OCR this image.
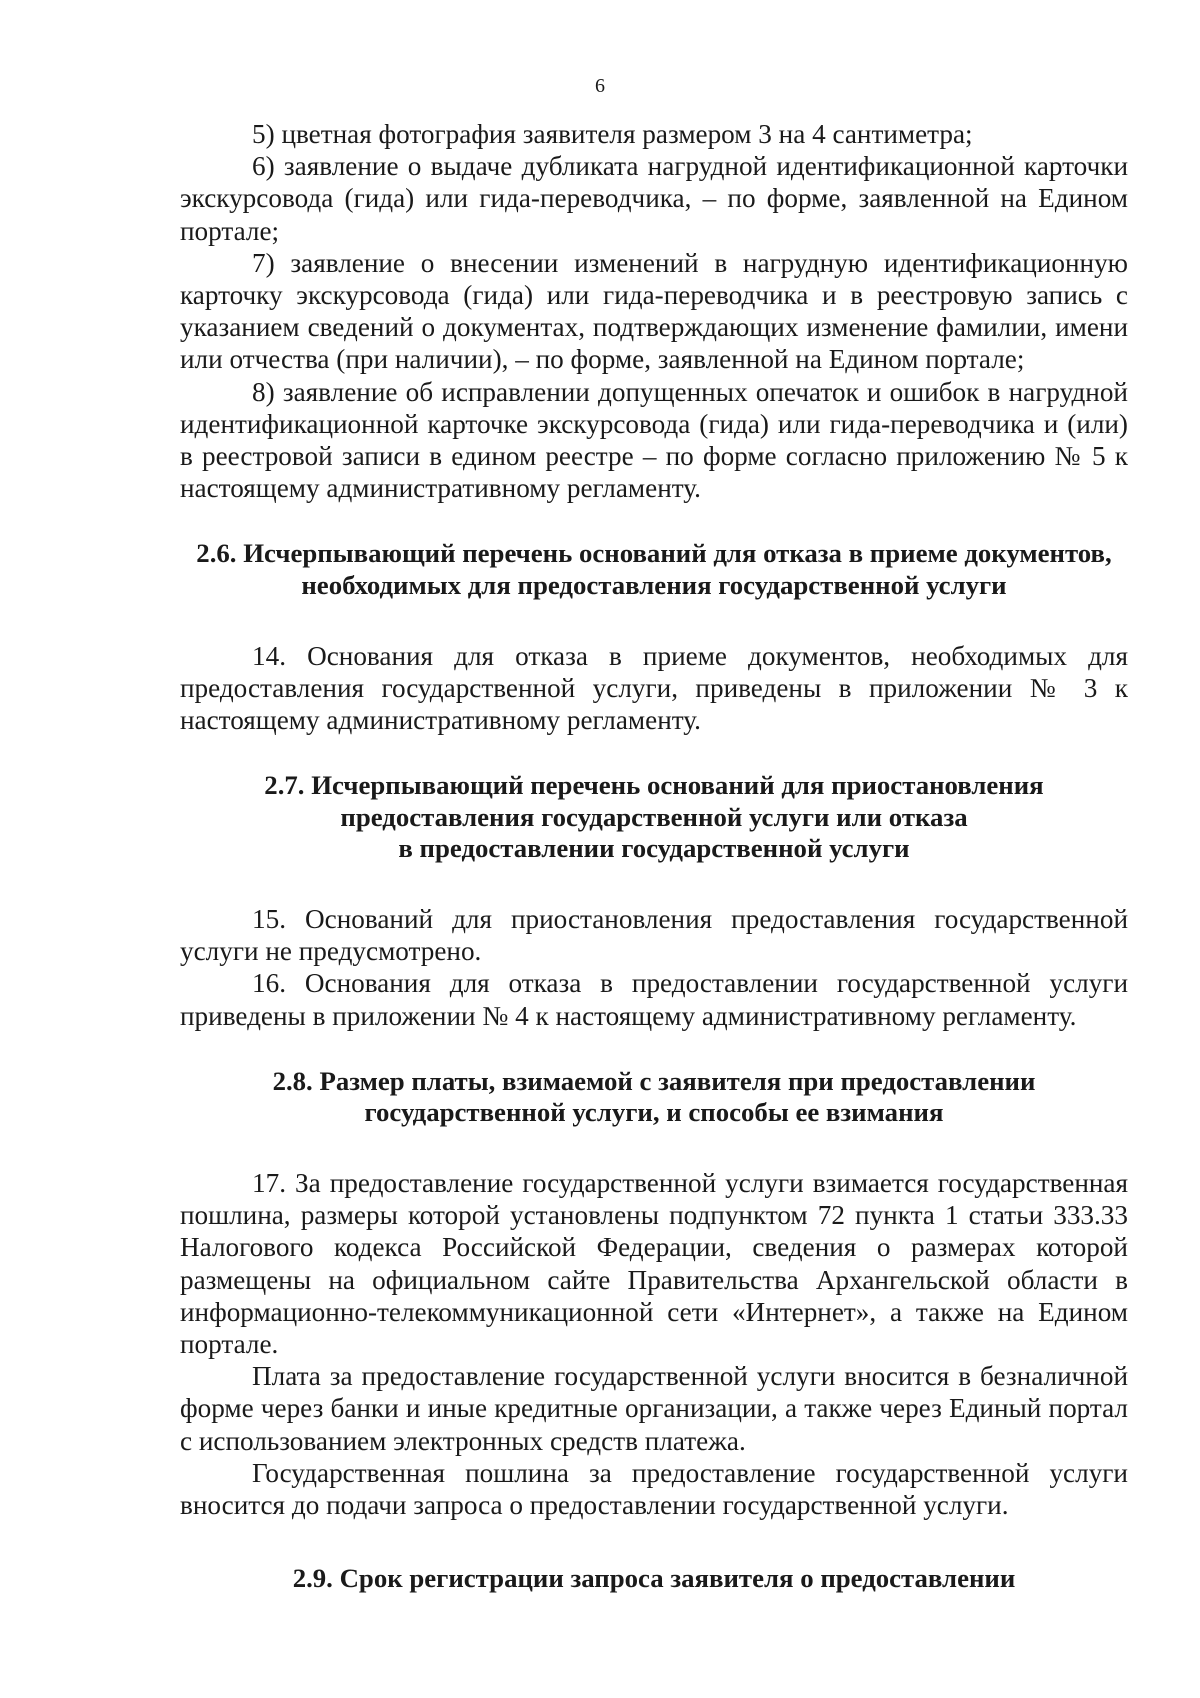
6

5) цветная фотография заявителя размером 3 на 4 сантиметра;

6) заявление о выдаче дубликата нагрудной идентификационной карточки экскурсовода (гида) или гида-переводчика, – по форме, заявленной на Едином портале;

7) заявление о внесении изменений в нагрудную идентификационную карточку экскурсовода (гида) или гида-переводчика и в реестровую запись с указанием сведений о документах, подтверждающих изменение фамилии, имени или отчества (при наличии), – по форме, заявленной на Едином портале;

8) заявление об исправлении допущенных опечаток и ошибок в нагрудной идентификационной карточке экскурсовода (гида) или гида-переводчика и (или) в реестровой записи в едином реестре – по форме согласно приложению № 5 к настоящему административному регламенту.

2.6. Исчерпывающий перечень оснований для отказа в приеме документов, необходимых для предоставления государственной услуги

14. Основания для отказа в приеме документов, необходимых для предоставления государственной услуги, приведены в приложении № 3 к настоящему административному регламенту.

2.7. Исчерпывающий перечень оснований для приостановления
предоставления государственной услуги или отказа
в предоставлении государственной услуги

15. Оснований для приостановления предоставления государственной услуги не предусмотрено.

16. Основания для отказа в предоставлении государственной услуги приведены в приложении № 4 к настоящему административному регламенту.

2.8. Размер платы, взимаемой с заявителя при предоставлении
государственной услуги, и способы ее взимания

17. За предоставление государственной услуги взимается государственная пошлина, размеры которой установлены подпунктом 72 пункта 1 статьи 333.33 Налогового кодекса Российской Федерации, сведения о размерах которой размещены на официальном сайте Правительства Архангельской области в информационно-телекоммуникационной сети «Интернет», а также на Едином портале.

Плата за предоставление государственной услуги вносится в безналичной форме через банки и иные кредитные организации, а также через Единый портал с использованием электронных средств платежа.

Государственная пошлина за предоставление государственной услуги вносится до подачи запроса о предоставлении государственной услуги.

2.9. Срок регистрации запроса заявителя о предоставлении
